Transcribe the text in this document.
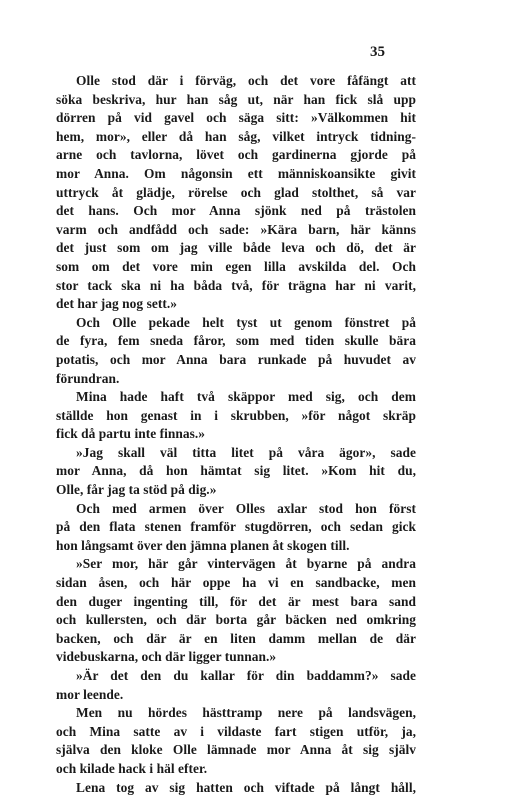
35
Olle stod där i förväg, och det vore fåfängt att
söka beskriva, hur han såg ut, när han fick slå upp
dörren på vid gavel och säga sitt: »Välkommen hit
hem, mor», eller då han såg, vilket intryck tidning-
arne och tavlorna, lövet och gardinerna gjorde på
mor Anna. Om någonsin ett människoansikte givit
uttryck åt glädje, rörelse och glad stolthet, så var
det hans. Och mor Anna sjönk ned på trästolen
varm och andfådd och sade: »Kära barn, här känns
det just som om jag ville både leva och dö, det är
som om det vore min egen lilla avskilda del. Och
stor tack ska ni ha båda två, för trägna har ni varit,
det har jag nog sett.»
Och Olle pekade helt tyst ut genom fönstret på
de fyra, fem sneda fåror, som med tiden skulle bära
potatis, och mor Anna bara runkade på huvudet av
förundran.
Mina hade haft två skäppor med sig, och dem
ställde hon genast in i skrubben, »för något skräp
fick då partu inte finnas.»
»Jag skall väl titta litet på våra ägor», sade
mor Anna, då hon hämtat sig litet. »Kom hit du,
Olle, får jag ta stöd på dig.»
Och med armen över Olles axlar stod hon först
på den flata stenen framför stugdörren, och sedan gick
hon långsamt över den jämna planen åt skogen till.
»Ser mor, här går vintervägen åt byarne på andra
sidan åsen, och här oppe ha vi en sandbacke, men
den duger ingenting till, för det är mest bara sand
och kullersten, och där borta går bäcken ned omkring
backen, och där är en liten damm mellan de där
videbuskarna, och där ligger tunnan.»
»Är det den du kallar för din baddamm?» sade
mor leende.
Men nu hördes hästtramp nere på landsvägen,
och Mina satte av i vildaste fart stigen utför, ja,
själva den kloke Olle lämnade mor Anna åt sig själv
och kilade hack i häl efter.
Lena tog av sig hatten och viftade på långt håll,
